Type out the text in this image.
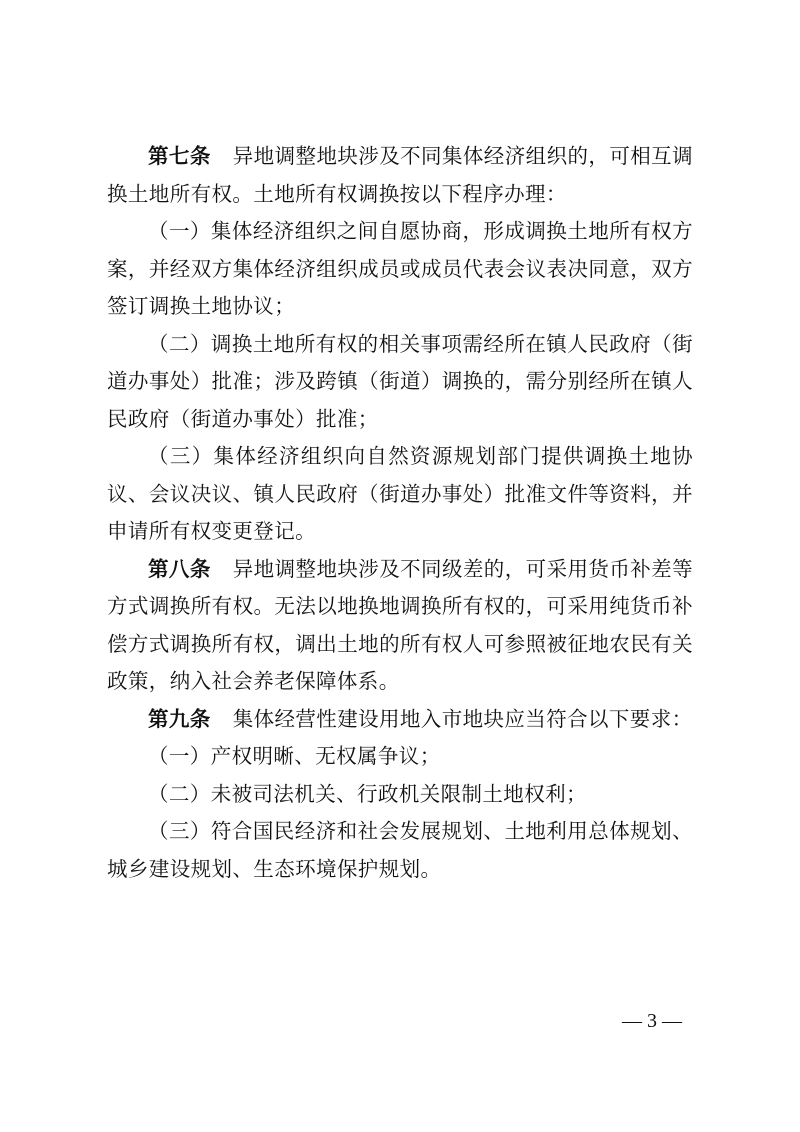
第七条 异地调整地块涉及不同集体经济组织的，可相互调换土地所有权。土地所有权调换按以下程序办理：

（一）集体经济组织之间自愿协商，形成调换土地所有权方案，并经双方集体经济组织成员或成员代表会议表决同意，双方签订调换土地协议；

（二）调换土地所有权的相关事项需经所在镇人民政府（街道办事处）批准；涉及跨镇（街道）调换的，需分别经所在镇人民政府（街道办事处）批准；

（三）集体经济组织向自然资源规划部门提供调换土地协议、会议决议、镇人民政府（街道办事处）批准文件等资料，并申请所有权变更登记。

第八条 异地调整地块涉及不同级差的，可采用货币补差等方式调换所有权。无法以地换地调换所有权的，可采用纯货币补偿方式调换所有权，调出土地的所有权人可参照被征地农民有关政策，纳入社会养老保障体系。

第九条 集体经营性建设用地入市地块应当符合以下要求：

（一）产权明晰、无权属争议；

（二）未被司法机关、行政机关限制土地权利；

（三）符合国民经济和社会发展规划、土地利用总体规划、城乡建设规划、生态环境保护规划。

— 3 —
